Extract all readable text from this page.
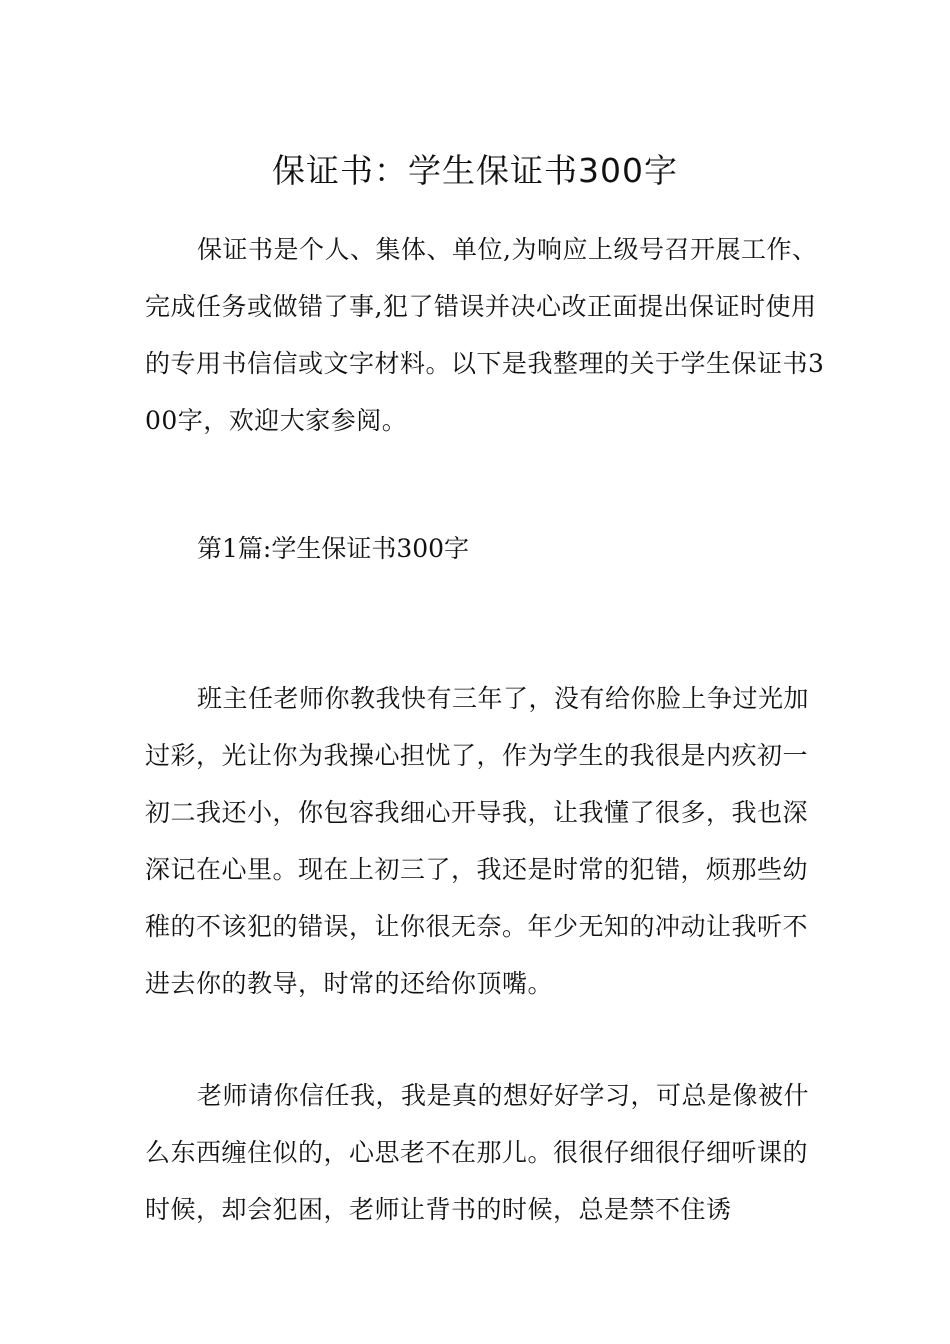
保证书：学生保证书300字

保证书是个人、集体、单位,为响应上级号召开展工作、完成任务或做错了事,犯了错误并决心改正面提出保证时使用的专用书信信或文字材料。以下是我整理的关于学生保证书300字，欢迎大家参阅。

第1篇:学生保证书300字

班主任老师你教我快有三年了，没有给你脸上争过光加过彩，光让你为我操心担忧了，作为学生的我很是内疚初一初二我还小，你包容我细心开导我，让我懂了很多，我也深深记在心里。现在上初三了，我还是时常的犯错，烦那些幼稚的不该犯的错误，让你很无奈。年少无知的冲动让我听不进去你的教导，时常的还给你顶嘴。

老师请你信任我，我是真的想好好学习，可总是像被什么东西缠住似的，心思老不在那儿。很很仔细很仔细听课的时候，却会犯困，老师让背书的时候，总是禁不住诱
